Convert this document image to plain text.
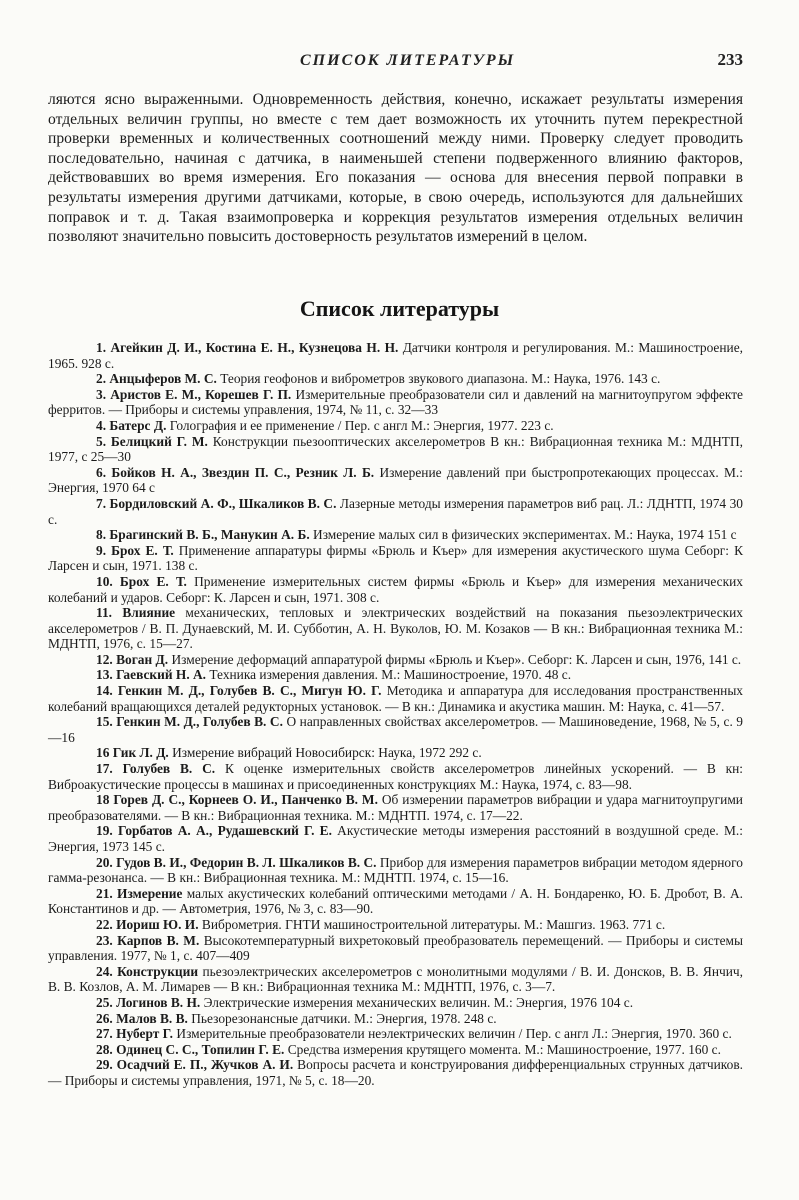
СПИСОК ЛИТЕРАТУРЫ	233

ляются ясно выраженными. Одновременность действия, конечно, искажает результаты измерения отдельных величин группы, но вместе с тем дает возможность их уточнить путем перекрестной проверки временных и количественных соотношений между ними. Проверку следует проводить последовательно, начиная с датчика, в наименьшей степени подверженного влиянию факторов, действовавших во время измерения. Его показания — основа для внесения первой поправки в результаты измерения другими датчиками, которые, в свою очередь, используются для дальнейших поправок и т. д. Такая взаимопроверка и коррекция результатов измерения отдельных величин позволяют значительно повысить достоверность результатов измерений в целом.

Список литературы

1. Агейкин Д. И., Костина Е. Н., Кузнецова Н. Н. Датчики контроля и регулирования. М.: Машиностроение, 1965. 928 с.

2. Анцыферов М. С. Теория геофонов и виброметров звукового диапазона. М.: Наука, 1976. 143 с.

3. Аристов Е. М., Корешев Г. П. Измерительные преобразователи сил и давлений на магнитоупругом эффекте ферритов. — Приборы и системы управления, 1974, № 11, с. 32—33

4. Батерс Д. Голография и ее применение / Пер. с англ М.: Энергия, 1977. 223 с.

5. Белицкий Г. М. Конструкции пьезооптических акселерометров В кн.: Вибрационная техника М.: МДНТП, 1977, с 25—30

6. Бойков Н. А., Звездин П. С., Резник Л. Б. Измерение давлений при быстропротекающих процессах. М.: Энергия, 1970 64 с

7. Бордиловский А. Ф., Шкаликов В. С. Лазерные методы измерения параметров виб рац. Л.: ЛДНТП, 1974 30 с.

8. Брагинский В. Б., Манукин А. Б. Измерение малых сил в физических экспериментах. М.: Наука, 1974 151 с

9. Брох Е. Т. Применение аппаратуры фирмы «Брюль и Къер» для измерения акустического шума Себорг: К Ларсен и сын, 1971. 138 с.

10. Брох Е. Т. Применение измерительных систем фирмы «Брюль и Къер» для измерения механических колебаний и ударов. Себорг: К. Ларсен и сын, 1971. 308 с.

11. Влияние механических, тепловых и электрических воздействий на показания пьезоэлектрических акселерометров / В. П. Дунаевский, М. И. Субботин, А. Н. Вуколов, Ю. М. Козаков — В кн.: Вибрационная техника М.: МДНТП, 1976, с. 15—27.

12. Воган Д. Измерение деформаций аппаратурой фирмы «Брюль и Къер». Себорг: К. Ларсен и сын, 1976, 141 с.

13. Гаевский Н. А. Техника измерения давления. М.: Машиностроение, 1970. 48 с.

14. Генкин М. Д., Голубев В. С., Мигун Ю. Г. Методика и аппаратура для исследования пространственных колебаний вращающихся деталей редукторных установок. — В кн.: Динамика и акустика машин. М: Наука, с. 41—57.

15. Генкин М. Д., Голубев В. С. О направленных свойствах акселерометров. — Машиноведение, 1968, № 5, с. 9—16

16 Гик Л. Д. Измерение вибраций Новосибирск: Наука, 1972 292 с.

17. Голубев В. С. К оценке измерительных свойств акселерометров линейных ускорений. — В кн: Виброакустические процессы в машинах и присоединенных конструкциях М.: Наука, 1974, с. 83—98.

18 Горев Д. С., Корнеев О. И., Панченко В. М. Об измерении параметров вибрации и удара магнитоупругими преобразователями. — В кн.: Вибрационная техника. М.: МДНТП. 1974, с. 17—22.

19. Горбатов А. А., Рудашевский Г. Е. Акустические методы измерения расстояний в воздушной среде. М.: Энергия, 1973 145 с.

20. Гудов В. И., Федорин В. Л. Шкаликов В. С. Прибор для измерения параметров вибрации методом ядерного гамма-резонанса. — В кн.: Вибрационная техника. М.: МДНТП. 1974, с. 15—16.

21. Измерение малых акустических колебаний оптическими методами / А. Н. Бондаренко, Ю. Б. Дробот, В. А. Константинов и др. — Автометрия, 1976, № 3, с. 83—90.

22. Иориш Ю. И. Виброметрия. ГНТИ машиностроительной литературы. М.: Машгиз. 1963. 771 с.

23. Карпов В. М. Высокотемпературный вихретоковый преобразователь перемещений. — Приборы и системы управления. 1977, № 1, с. 407—409

24. Конструкции пьезоэлектрических акселерометров с монолитными модулями / В. И. Донсков, В. В. Янчич, В. В. Козлов, А. М. Лимарев — В кн.: Вибрационная техника М.: МДНТП, 1976, с. 3—7.

25. Логинов В. Н. Электрические измерения механических величин. М.: Энергия, 1976 104 с.

26. Малов В. В. Пьезорезонансные датчики. М.: Энергия, 1978. 248 с.

27. Нуберт Г. Измерительные преобразователи неэлектрических величин / Пер. с англ Л.: Энергия, 1970. 360 с.

28. Одинец С. С., Топилин Г. Е. Средства измерения крутящего момента. М.: Машиностроение, 1977. 160 с.

29. Осадчий Е. П., Жучков А. И. Вопросы расчета и конструирования дифференциальных струнных датчиков. — Приборы и системы управления, 1971, № 5, с. 18—20.
